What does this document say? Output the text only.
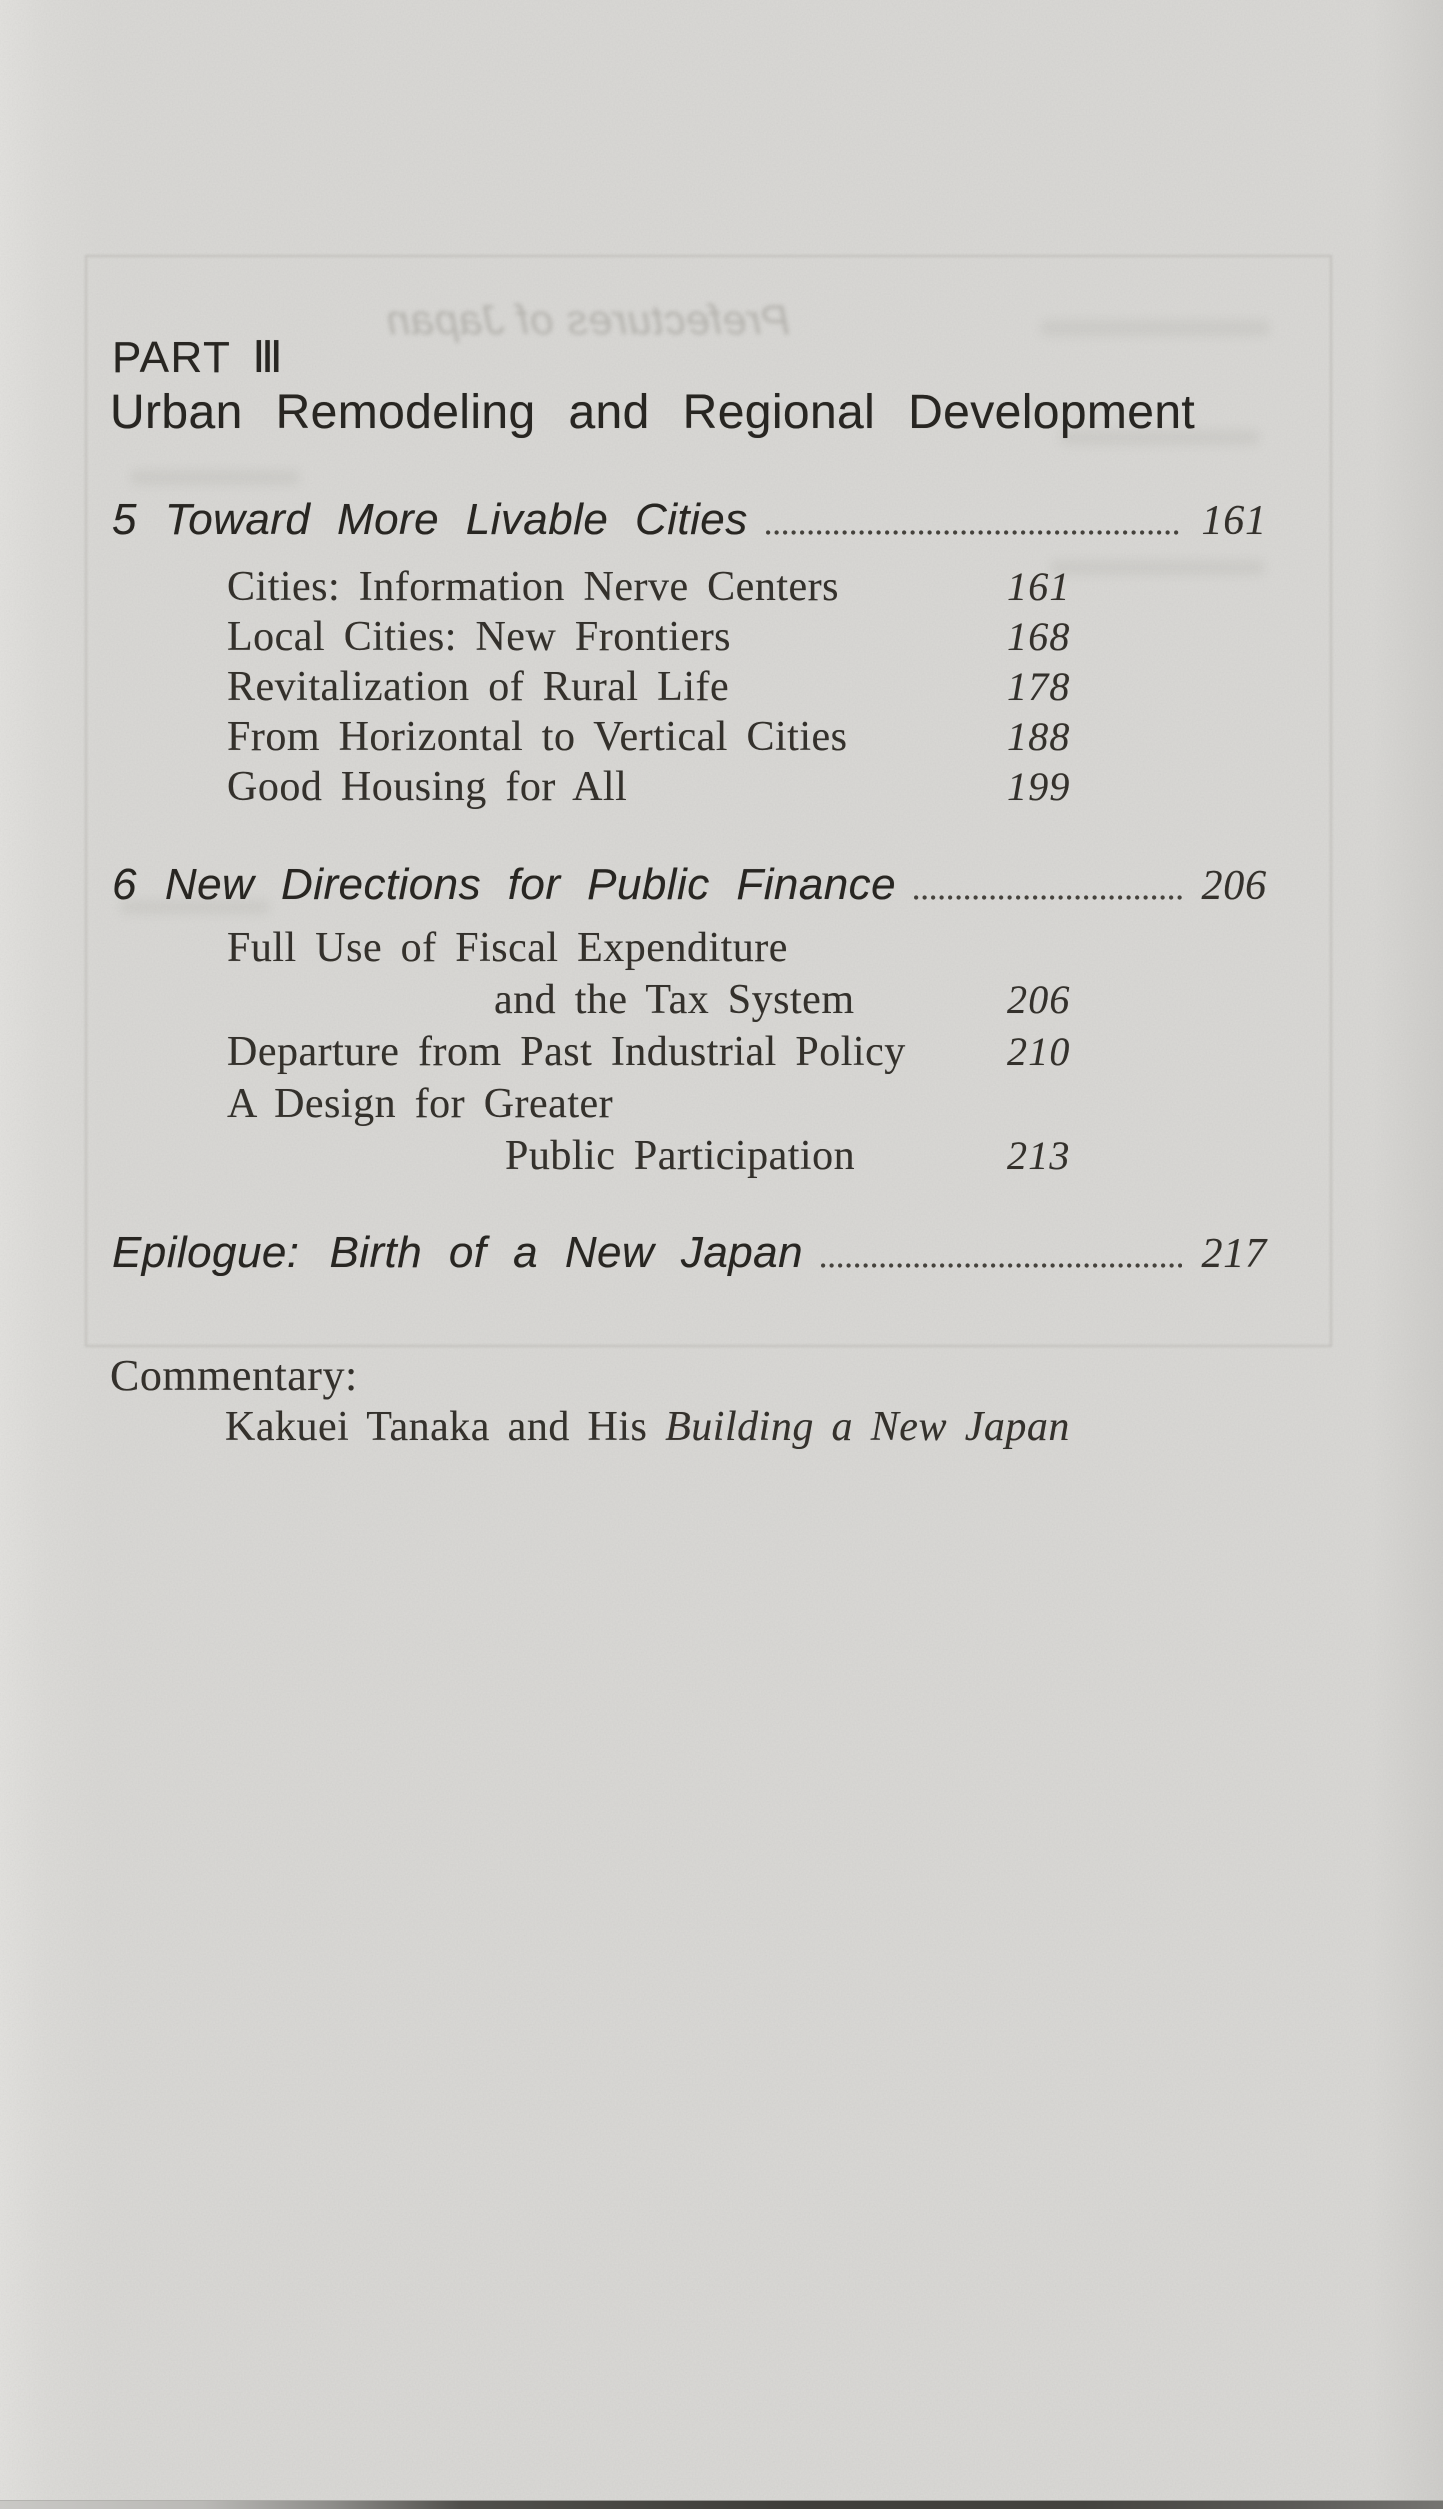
Prefectures of Japan
PART Ⅲ
Urban Remodeling and Regional Development
5 Toward More Livable Cities	161
Cities: Information Nerve Centers	161
Local Cities: New Frontiers	168
Revitalization of Rural Life	178
From Horizontal to Vertical Cities	188
Good Housing for All	199
6 New Directions for Public Finance	206
Full Use of Fiscal Expenditure
and the Tax System	206
Departure from Past Industrial Policy	210
A Design for Greater
Public Participation	213
Epilogue: Birth of a New Japan	217
Commentary:
Kakuei Tanaka and His Building a New Japan
